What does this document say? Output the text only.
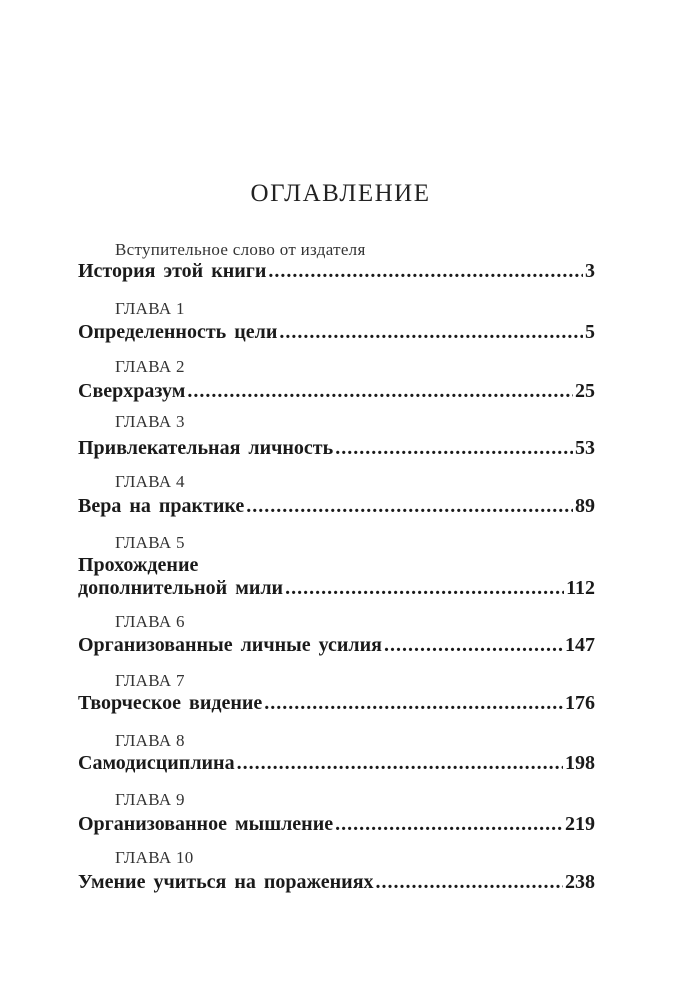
ОГЛАВЛЕНИЕ
Вступительное слово от издателя
История этой книги .....	3
ГЛАВА 1
Определенность цели .....	5
ГЛАВА 2
Сверхразум .....	25
ГЛАВА 3
Привлекательная личность .....	53
ГЛАВА 4
Вера на практике .....	89
ГЛАВА 5
Прохождение
дополнительной мили .....	112
ГЛАВА 6
Организованные личные усилия .....	147
ГЛАВА 7
Творческое видение .....	176
ГЛАВА 8
Самодисциплина .....	198
ГЛАВА 9
Организованное мышление .....	219
ГЛАВА 10
Умение учиться на поражениях .....	238
